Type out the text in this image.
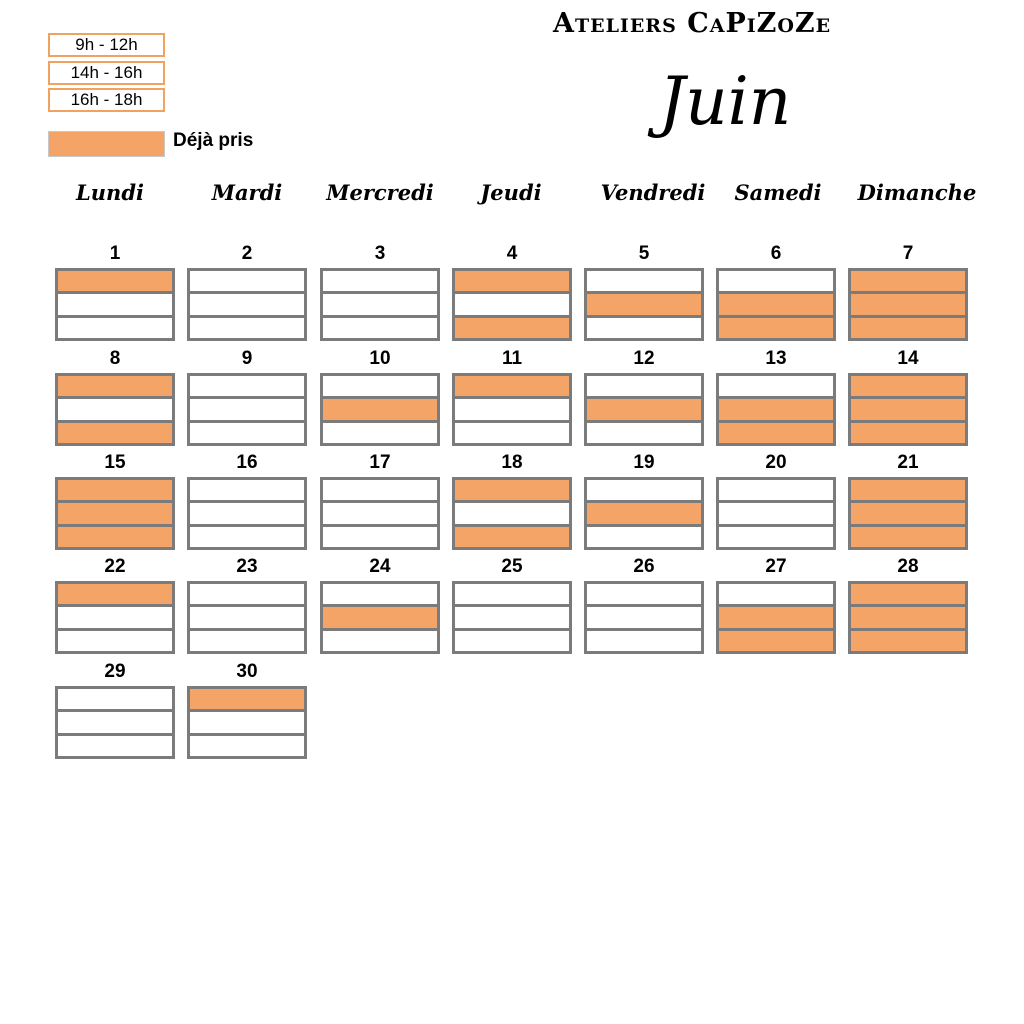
9h - 12h
14h - 16h
16h - 18h
Déjà pris
Ateliers CaPiZoZe
Juin
Lundi	Mardi	Mercredi	Jeudi	Vendredi	Samedi	Dimanche
1	2	3	4	5	6	7
8	9	10	11	12	13	14
15	16	17	18	19	20	21
22	23	24	25	26	27	28
29	30
